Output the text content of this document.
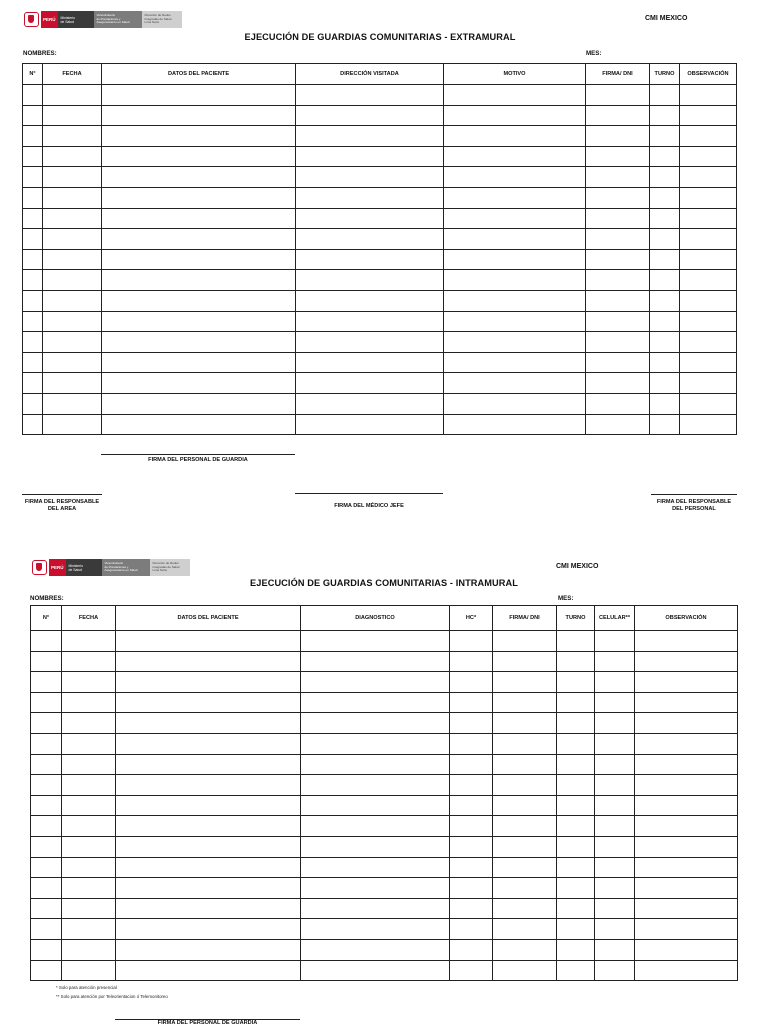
PERÚ	Ministerio
de Salud
Viceministerio
de Prestaciones y
Aseguramiento en Salud
Dirección de Redes
Integradas de Salud
Lima Norte
CMI MEXICO
EJECUCIÓN DE GUARDIAS COMUNITARIAS - EXTRAMURAL
NOMBRES:	MES:
N°	FECHA	DATOS DEL PACIENTE	DIRECCIÓN VISITADA	MOTIVO	FIRMA/ DNI	TURNO	OBSERVACIÓN

FIRMA DEL PERSONAL DE GUARDIA
FIRMA DEL RESPONSABLE
DEL AREA	FIRMA DEL MÉDICO JEFE
FIRMA DEL RESPONSABLE
DEL PERSONAL
PERÚ	Ministerio
de Salud
Viceministerio
de Prestaciones y
Aseguramiento en Salud
Dirección de Redes
Integradas de Salud
Lima Norte
CMI MEXICO
EJECUCIÓN DE GUARDIAS COMUNITARIAS - INTRAMURAL
NOMBRES:	MES:
N°	FECHA	DATOS DEL PACIENTE	DIAGNOSTICO	HC*	FIRMA/ DNI	TURNO	CELULAR**	OBSERVACIÓN

* Solo para atención presencial
** Solo para atención por Teleorientacion ó Telemonitoreo
FIRMA DEL PERSONAL DE GUARDIA
